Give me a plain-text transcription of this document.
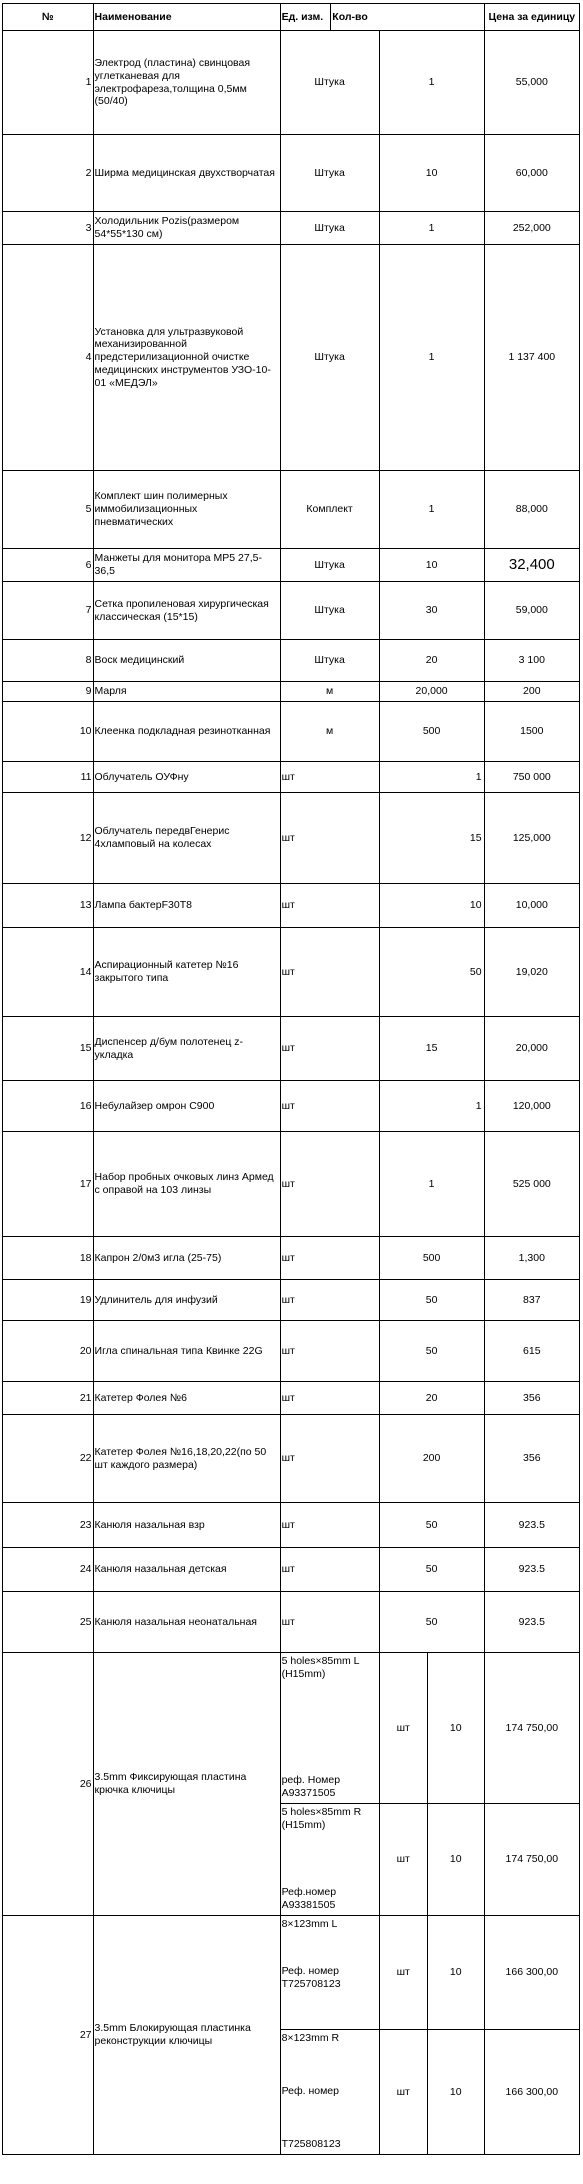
№	Наименование	Ед. изм.	Кол-во			Цена за единицу
1	Электрод (пластина) свинцовая углетканевая для электрофареза,толщина 0,5мм (50/40)	Штука		1		55,000
2	Ширма медицинская двухстворчатая	Штука		10		60,000
3	Холодильник Pozis(размером 54*55*130 см)	Штука		1		252,000
4	Установка для ультразвуковой механизированной предстерилизационной очистке медицинских инструментов УЗО-10-01 «МЕДЭЛ»	Штука		1		1 137 400
5	Комплект шин полимерных иммобилизационных пневматических	Комплект		1		88,000
6	Манжеты для монитора MP5 27,5-36,5	Штука		10		32,400
7	Сетка пропиленовая хирургическая классическая (15*15)	Штука		30		59,000
8	Воск медицинский	Штука		20		3 100
9	Марля	м		20,000		200
10	Клеенка подкладная резинотканная	м		500		1500
11	Облучатель ОУФну	шт		1		750 000
12	Облучатель передвГенерис 4хламповый на колесах	шт		15		125,000
13	Лампа бактерF30T8	шт		10		10,000
14	Аспирационный катетер №16 закрытого типа	шт		50		19,020
15	Диспенсер д/бум полотенец z-укладка	шт		15		20,000
16	Небулайзер омрон C900	шт		1		120,000
17	Набор пробных очковых линз Армед с оправой на 103 линзы	шт		1		525 000
18	Капрон 2/0м3 игла (25-75)	шт		500		1,300
19	Удлинитель для инфузий	шт		50		837
20	Игла спинальная типа Квинке 22G	шт		50		615
21	Катетер Фолея №6	шт		20		356
22	Катетер Фолея №16,18,20,22(по 50 шт каждого размера)	шт		200		356
23	Канюля назальная взр	шт		50		923.5
24	Канюля назальная детская	шт		50		923.5
25	Канюля назальная неонатальная	шт		50		923.5
26	3.5mm Фиксирующая пластина крючка ключицы	5 holes×85mm L (H15mm)
реф. Номер A93371505		шт	10	174 750,00

		5 holes×85mm R (H15mm)
Реф.номер A93381505		шт	10	174 750,00
27	3.5mm Блокирующая пластинка реконструкции ключицы	8×123mm L
Реф. номер T725708123		шт	10	166 300,00

		8×123mm R
Реф. номер
T725808123		шт	10	166 300,00
